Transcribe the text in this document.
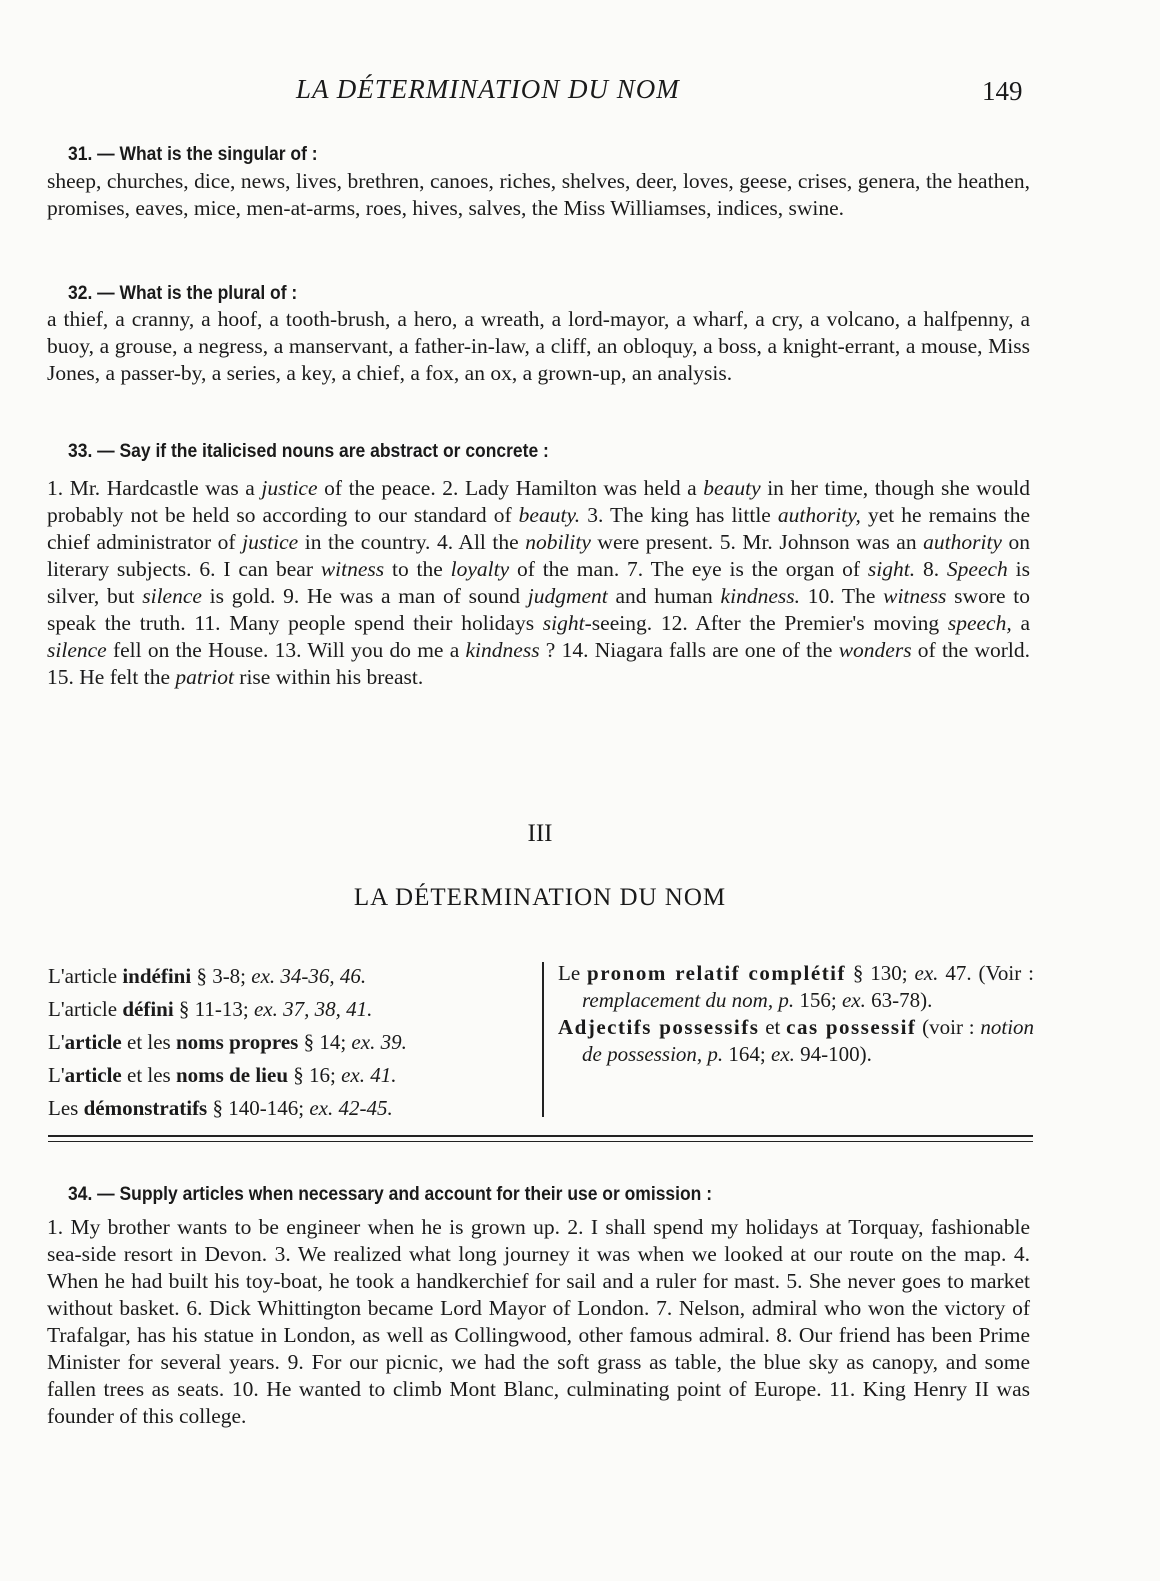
LA DÉTERMINATION DU NOM	149
31. — What is the singular of :
sheep, churches, dice, news, lives, brethren, canoes, riches, shelves, deer, loves, geese, crises, genera, the heathen, promises, eaves, mice, men-at-arms, roes, hives, salves, the Miss Williamses, indices, swine.
32. — What is the plural of :
a thief, a cranny, a hoof, a tooth-brush, a hero, a wreath, a lord-mayor, a wharf, a cry, a volcano, a halfpenny, a buoy, a grouse, a negress, a manservant, a father-in-law, a cliff, an obloquy, a boss, a knight-errant, a mouse, Miss Jones, a passer-by, a series, a key, a chief, a fox, an ox, a grown-up, an analysis.
33. — Say if the italicised nouns are abstract or concrete :
1. Mr. Hardcastle was a justice of the peace. 2. Lady Hamilton was held a beauty in her time, though she would probably not be held so according to our standard of beauty. 3. The king has little authority, yet he remains the chief administrator of justice in the country. 4. All the nobility were present. 5. Mr. Johnson was an authority on literary subjects. 6. I can bear witness to the loyalty of the man. 7. The eye is the organ of sight. 8. Speech is silver, but silence is gold. 9. He was a man of sound judgment and human kindness. 10. The witness swore to speak the truth. 11. Many people spend their holidays sight-seeing. 12. After the Premier's moving speech, a silence fell on the House. 13. Will you do me a kindness ? 14. Niagara falls are one of the wonders of the world. 15. He felt the patriot rise within his breast.
III
LA DÉTERMINATION DU NOM
L'article indéfini § 3-8; ex. 34-36, 46.
L'article défini § 11-13; ex. 37, 38, 41.
L'article et les noms propres § 14; ex. 39.
L'article et les noms de lieu § 16; ex. 41.
Les démonstratifs § 140-146; ex. 42-45.
Le pronom relatif complétif § 130; ex. 47. (Voir : remplacement du nom, p. 156; ex. 63-78).
Adjectifs possessifs et cas possessif (voir : notion de possession, p. 164; ex. 94-100).
34. — Supply articles when necessary and account for their use or omission :
1. My brother wants to be engineer when he is grown up. 2. I shall spend my holidays at Torquay, fashionable sea-side resort in Devon. 3. We realized what long journey it was when we looked at our route on the map. 4. When he had built his toy-boat, he took a handkerchief for sail and a ruler for mast. 5. She never goes to market without basket. 6. Dick Whittington became Lord Mayor of London. 7. Nelson, admiral who won the victory of Trafalgar, has his statue in London, as well as Collingwood, other famous admiral. 8. Our friend has been Prime Minister for several years. 9. For our picnic, we had the soft grass as table, the blue sky as canopy, and some fallen trees as seats. 10. He wanted to climb Mont Blanc, culminating point of Europe. 11. King Henry II was founder of this college.
